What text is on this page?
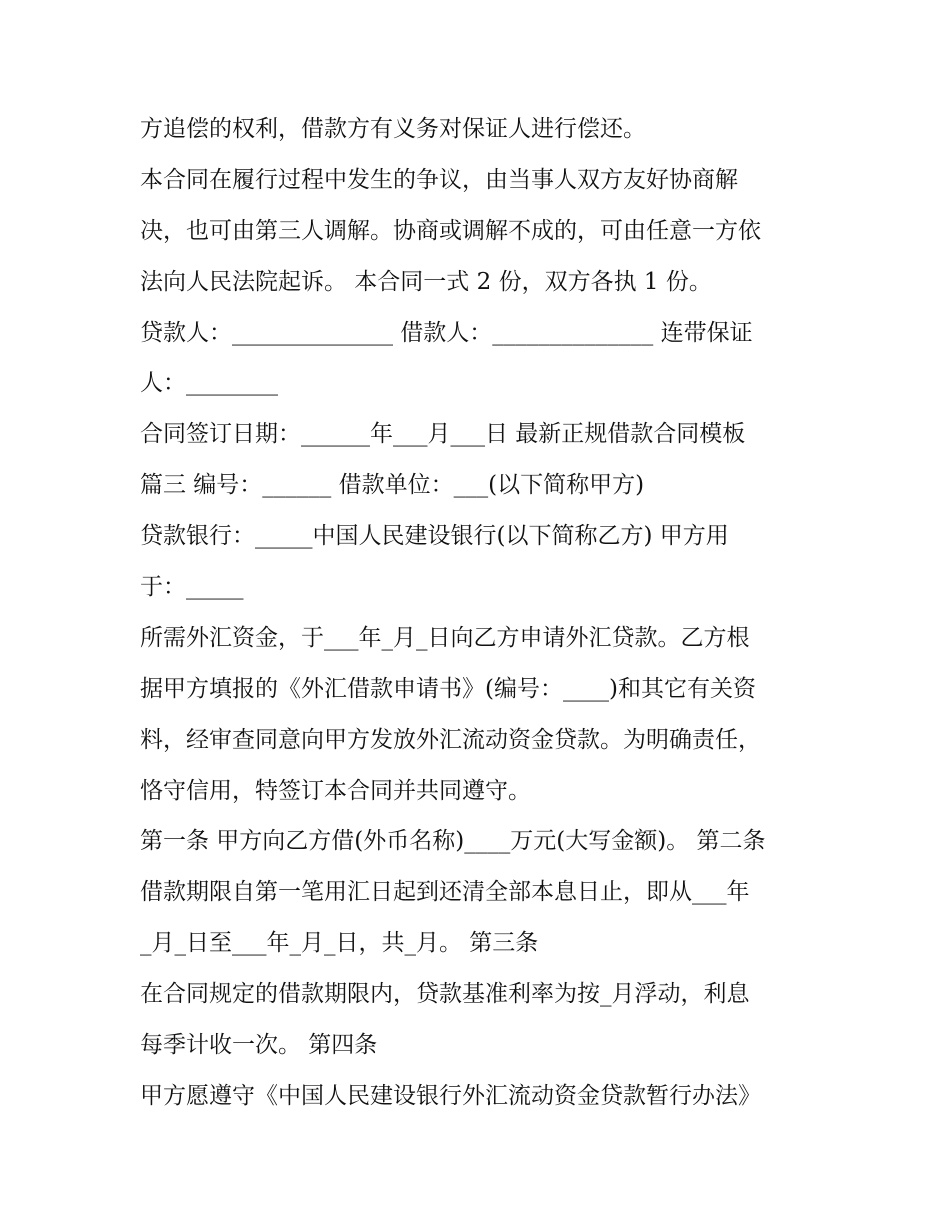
方追偿的权利，借款方有义务对保证人进行偿还。
本合同在履行过程中发生的争议，由当事人双方友好协商解
决，也可由第三人调解。协商或调解不成的，可由任意一方依
法向人民法院起诉。 本合同一式 2 份，双方各执 1 份。
贷款人：______________ 借款人：______________ 连带保证
人：________
合同签订日期：______年___月___日 最新正规借款合同模板
篇三 编号：______ 借款单位：___(以下简称甲方)
贷款银行：_____中国人民建设银行(以下简称乙方) 甲方用
于：_____
所需外汇资金，于___年_月_日向乙方申请外汇贷款。乙方根
据甲方填报的《外汇借款申请书》(编号：____)和其它有关资
料，经审查同意向甲方发放外汇流动资金贷款。为明确责任，
恪守信用，特签订本合同并共同遵守。
第一条 甲方向乙方借(外币名称)____万元(大写金额)。 第二条
借款期限自第一笔用汇日起到还清全部本息日止，即从___年
_月_日至___年_月_日，共_月。 第三条
在合同规定的借款期限内，贷款基准利率为按_月浮动，利息
每季计收一次。 第四条
甲方愿遵守《中国人民建设银行外汇流动资金贷款暂行办法》
